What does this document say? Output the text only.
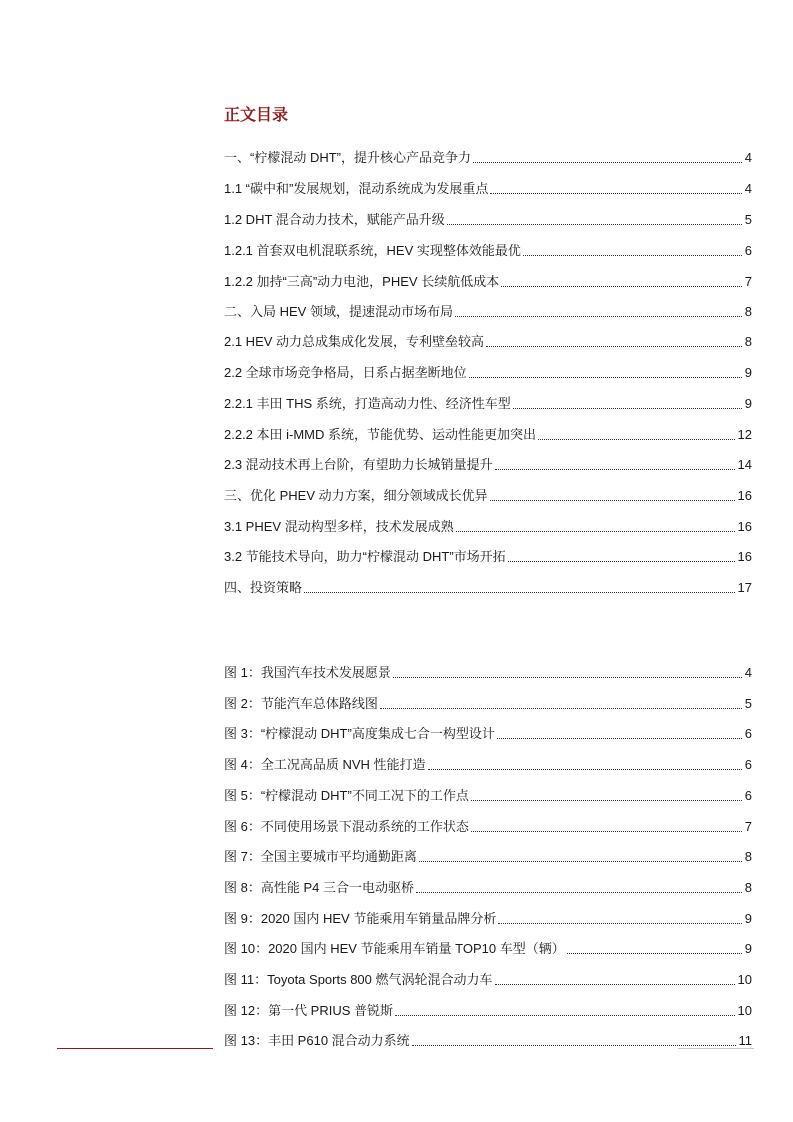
正文目录
一、“柠檬混动 DHT”，提升核心产品竞争力	4
1.1 “碳中和”发展规划，混动系统成为发展重点	4
1.2 DHT 混合动力技术，赋能产品升级	5
1.2.1 首套双电机混联系统，HEV 实现整体效能最优	6
1.2.2 加持“三高”动力电池，PHEV 长续航低成本	7
二、入局 HEV 领域，提速混动市场布局	8
2.1 HEV 动力总成集成化发展，专利壁垒较高	8
2.2 全球市场竞争格局，日系占据垄断地位	9
2.2.1 丰田 THS 系统，打造高动力性、经济性车型	9
2.2.2 本田 i-MMD 系统，节能优势、运动性能更加突出	12
2.3 混动技术再上台阶，有望助力长城销量提升	14
三、优化 PHEV 动力方案，细分领域成长优异	16
3.1 PHEV 混动构型多样，技术发展成熟	16
3.2 节能技术导向，助力“柠檬混动 DHT”市场开拓	16
四、投资策略	17
图 1：我国汽车技术发展愿景	4
图 2：节能汽车总体路线图	5
图 3：“柠檬混动 DHT”高度集成七合一构型设计	6
图 4：全工况高品质 NVH 性能打造	6
图 5：“柠檬混动 DHT”不同工况下的工作点	6
图 6：不同使用场景下混动系统的工作状态	7
图 7：全国主要城市平均通勤距离	8
图 8：高性能 P4 三合一电动驱桥	8
图 9：2020 国内 HEV 节能乘用车销量品牌分析	9
图 10：2020 国内 HEV 节能乘用车销量 TOP10 车型（辆）	9
图 11：Toyota Sports 800 燃气涡轮混合动力车	10
图 12：第一代 PRIUS 普锐斯	10
图 13：丰田 P610 混合动力系统	11
